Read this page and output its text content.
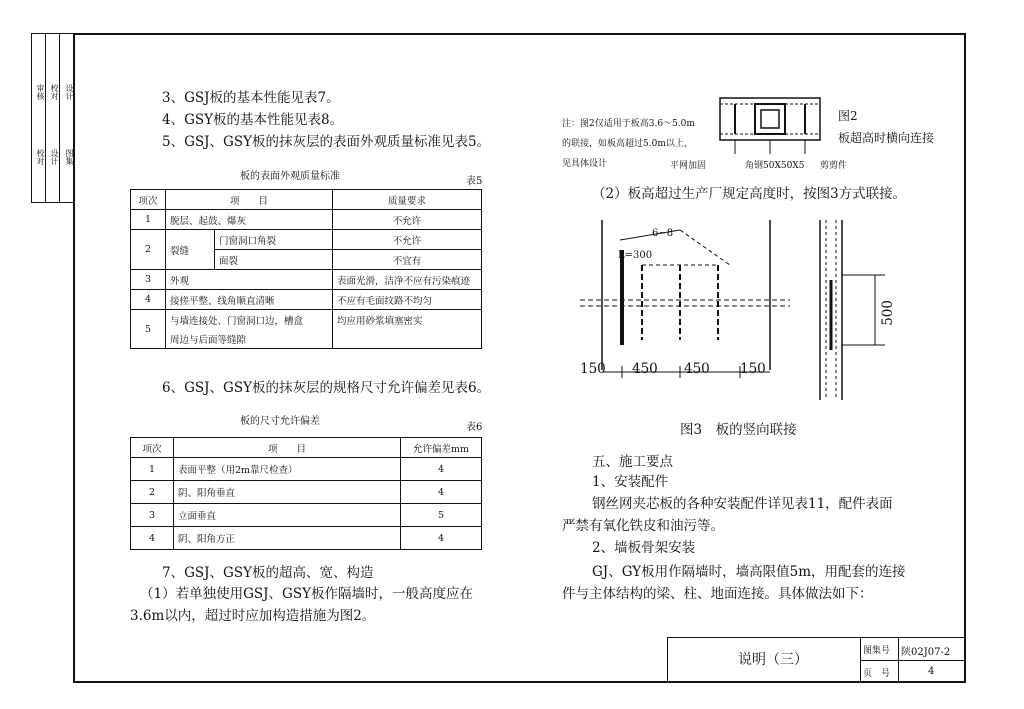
审核
校对
校对
设计
设计
图集
3、GSJ板的基本性能见表7。
4、GSY板的基本性能见表8。
5、GSJ、GSY板的抹灰层的表面外观质量标准见表5。
板的表面外观质量标准	表5
项次	项　　目		质量要求
1	脱层、起鼓、爆灰		不允许
2	裂缝	门窗洞口角裂	不允许
		面裂	不宜有
3	外观		表面光滑，洁净不应有污染痕迹
4	接搓平整、线角顺直清晰		不应有毛面纹路不均匀
5	与墙连接处、门窗洞口边，槽盒		均应用砂浆填塞密实
	周边与后面等缝隙		
6、GSJ、GSY板的抹灰层的规格尺寸允许偏差见表6。
板的尺寸允许偏差
表6
项次	项　　目	允许偏差mm
1	表面平整（用2m靠尺检查）	4
2	阴、阳角垂直	4
3	立面垂直	5
4	阴、阳角方正	4
7、GSJ、GSY板的超高、宽、构造
（1）若单独使用GSJ、GSY板作隔墙时，一般高度应在
3.6m以内，超过时应加构造措施为图2。
注：图2仅适用于板高3.6～5.0m
的联接，如板高超过5.0m以上，
见具体设计	平网加固	角钢50X50X5 剪剪件
图2
板超高时横向连接
（2）板高超过生产厂规定高度时，按图3方式联接。
6~8
L=300
150 450 450 150
500
图3　板的竖向联接
五、施工要点
1、安装配件
钢丝网夹芯板的各种安装配件详见表11，配件表面
严禁有氧化铁皮和油污等。
2、墙板骨架安装
GJ、GY板用作隔墙时，墙高限值5m，用配套的连接
件与主体结构的梁、柱、地面连接。具体做法如下：
说明（三）
图集号 陕02J07-2
页　号	4
